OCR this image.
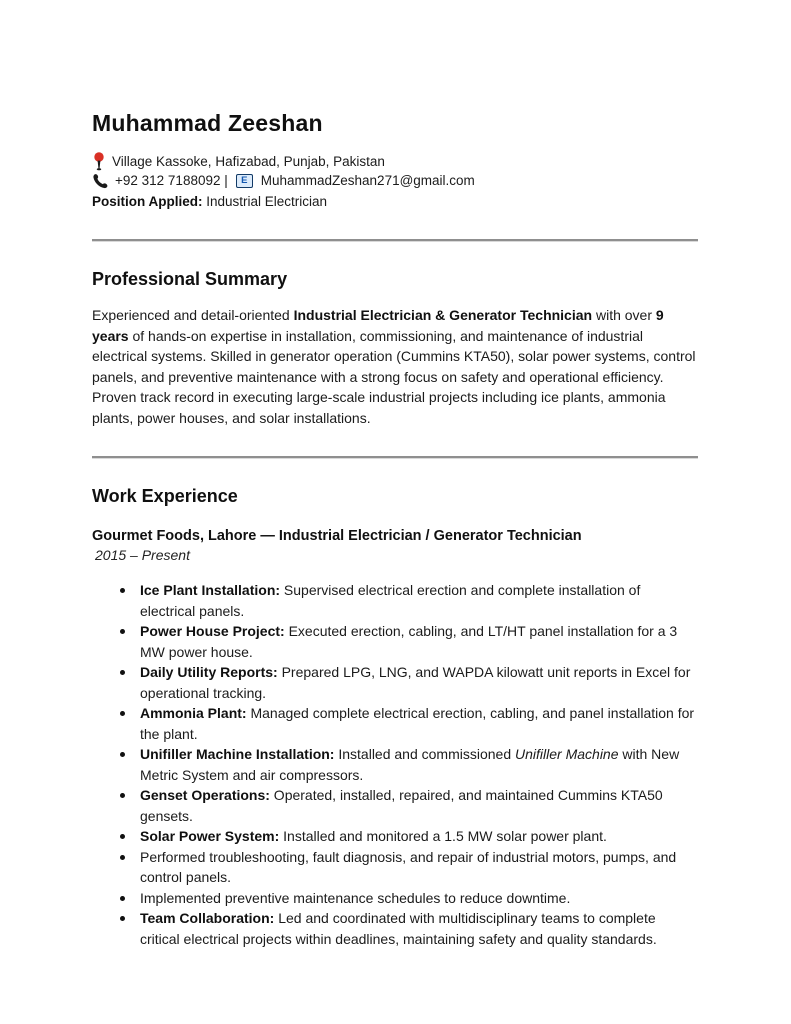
Muhammad Zeeshan
Village Kassoke, Hafizabad, Punjab, Pakistan
+92 312 7188092 |	E MuhammadZeshan271@gmail.com
Position Applied: Industrial Electrician
Professional Summary

Experienced and detail-oriented Industrial Electrician & Generator Technician with over 9 years of hands-on expertise in installation, commissioning, and maintenance of industrial electrical systems. Skilled in generator operation (Cummins KTA50), solar power systems, control panels, and preventive maintenance with a strong focus on safety and operational efficiency. Proven track record in executing large-scale industrial projects including ice plants, ammonia plants, power houses, and solar installations.

Work Experience
Gourmet Foods, Lahore — Industrial Electrician / Generator Technician
2015 – Present
Ice Plant Installation: Supervised electrical erection and complete installation of electrical panels.
Power House Project: Executed erection, cabling, and LT/HT panel installation for a 3 MW power house.
Daily Utility Reports: Prepared LPG, LNG, and WAPDA kilowatt unit reports in Excel for operational tracking.
Ammonia Plant: Managed complete electrical erection, cabling, and panel installation for the plant.
Unifiller Machine Installation: Installed and commissioned Unifiller Machine with New Metric System and air compressors.
Genset Operations: Operated, installed, repaired, and maintained Cummins KTA50 gensets.
Solar Power System: Installed and monitored a 1.5 MW solar power plant.
Performed troubleshooting, fault diagnosis, and repair of industrial motors, pumps, and control panels.
Implemented preventive maintenance schedules to reduce downtime.
Team Collaboration: Led and coordinated with multidisciplinary teams to complete critical electrical projects within deadlines, maintaining safety and quality standards.
